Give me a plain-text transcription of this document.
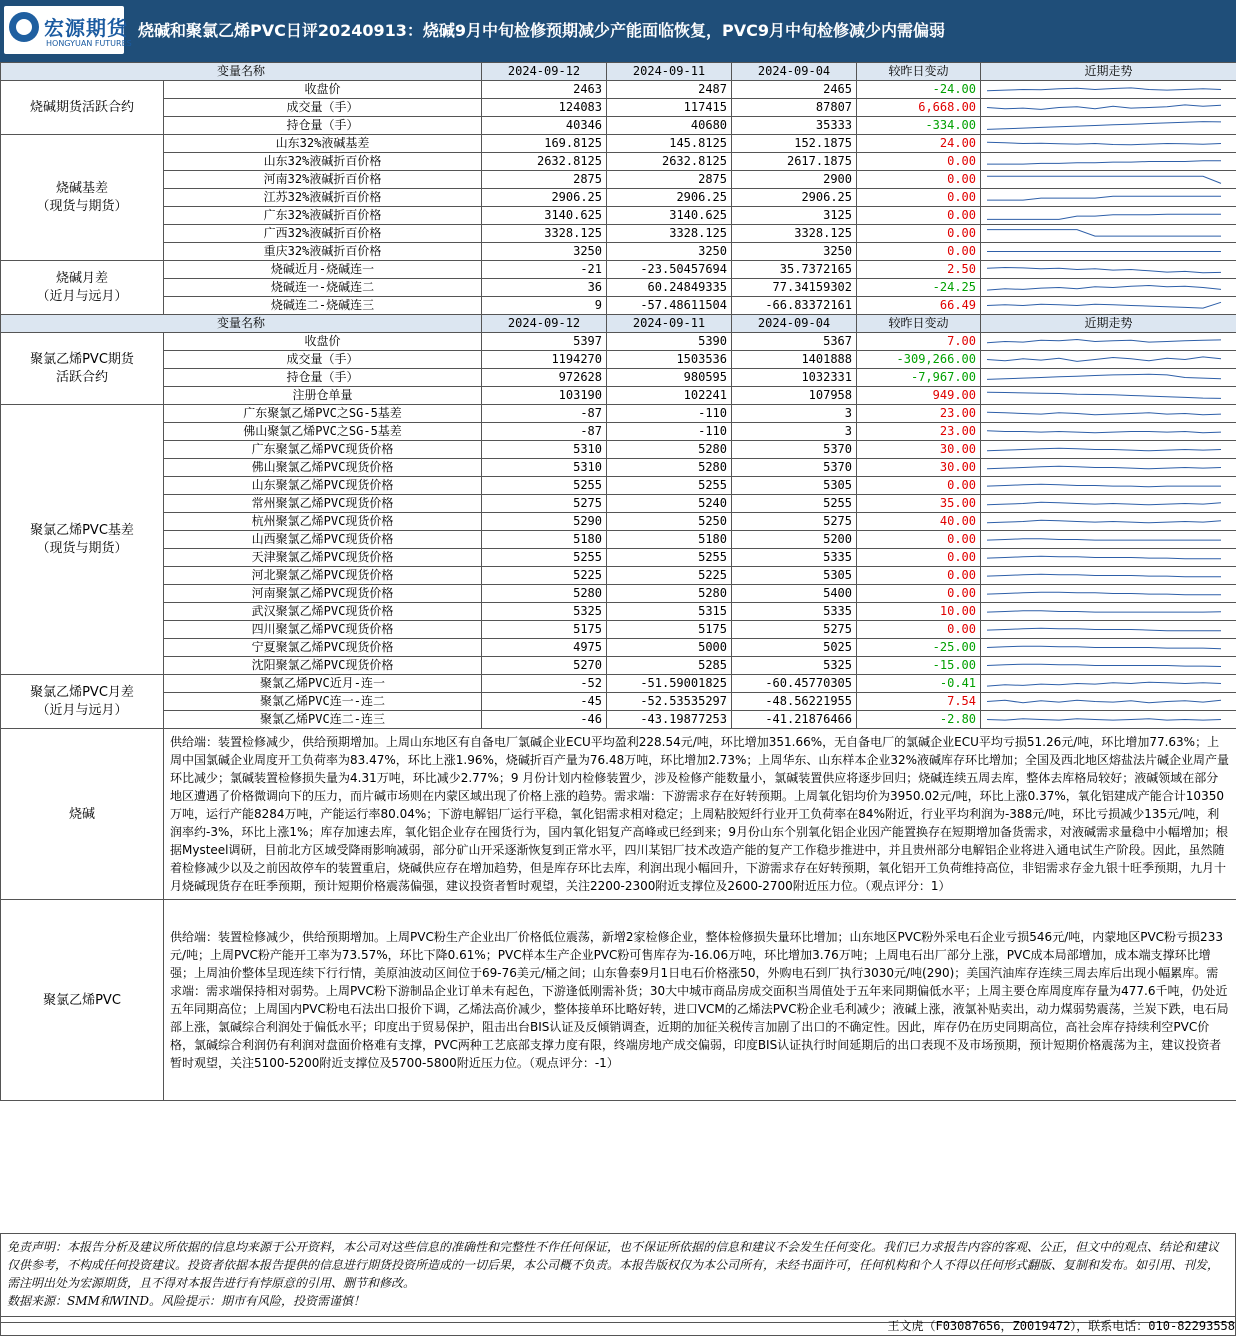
宏源期货
HONGYUAN FUTURES
烧碱和聚氯乙烯PVC日评20240913：烧碱9月中旬检修预期减少产能面临恢复，PVC9月中旬检修减少内需偏弱
变量名称		2024-09-12	2024-09-11	2024-09-04	较昨日变动	近期走势
烧碱期货活跃合约	收盘价	2463	2487	2465	-24.00	

	成交量（手）	124083	117415	87807	6,668.00	

	持仓量（手）	40346	40680	35333	-334.00	

烧碱基差
（现货与期货）	山东32%液碱基差	169.8125	145.8125	152.1875	24.00	

	山东32%液碱折百价格	2632.8125	2632.8125	2617.1875	0.00	

	河南32%液碱折百价格	2875	2875	2900	0.00	

	江苏32%液碱折百价格	2906.25	2906.25	2906.25	0.00	

	广东32%液碱折百价格	3140.625	3140.625	3125	0.00	

	广西32%液碱折百价格	3328.125	3328.125	3328.125	0.00	

	重庆32%液碱折百价格	3250	3250	3250	0.00	

烧碱月差
（近月与远月）	烧碱近月-烧碱连一	-21	-23.50457694	35.7372165	2.50	

	烧碱连一-烧碱连二	36	60.24849335	77.34159302	-24.25	

	烧碱连二-烧碱连三	9	-57.48611504	-66.83372161	66.49	

变量名称		2024-09-12	2024-09-11	2024-09-04	较昨日变动	近期走势
聚氯乙烯PVC期货
活跃合约	收盘价	5397	5390	5367	7.00	

	成交量（手）	1194270	1503536	1401888	-309,266.00	

	持仓量（手）	972628	980595	1032331	-7,967.00	

	注册仓单量	103190	102241	107958	949.00	

聚氯乙烯PVC基差
（现货与期货）	广东聚氯乙烯PVC之SG-5基差	-87	-110	3	23.00	

	佛山聚氯乙烯PVC之SG-5基差	-87	-110	3	23.00	

	广东聚氯乙烯PVC现货价格	5310	5280	5370	30.00	

	佛山聚氯乙烯PVC现货价格	5310	5280	5370	30.00	

	山东聚氯乙烯PVC现货价格	5255	5255	5305	0.00	

	常州聚氯乙烯PVC现货价格	5275	5240	5255	35.00	

	杭州聚氯乙烯PVC现货价格	5290	5250	5275	40.00	

	山西聚氯乙烯PVC现货价格	5180	5180	5200	0.00	

	天津聚氯乙烯PVC现货价格	5255	5255	5335	0.00	

	河北聚氯乙烯PVC现货价格	5225	5225	5305	0.00	

	河南聚氯乙烯PVC现货价格	5280	5280	5400	0.00	

	武汉聚氯乙烯PVC现货价格	5325	5315	5335	10.00	

	四川聚氯乙烯PVC现货价格	5175	5175	5275	0.00	

	宁夏聚氯乙烯PVC现货价格	4975	5000	5025	-25.00	

	沈阳聚氯乙烯PVC现货价格	5270	5285	5325	-15.00	

聚氯乙烯PVC月差
（近月与远月）	聚氯乙烯PVC近月-连一	-52	-51.59001825	-60.45770305	-0.41	

	聚氯乙烯PVC连一-连二	-45	-52.53535297	-48.56221955	7.54	

	聚氯乙烯PVC连二-连三	-46	-43.19877253	-41.21876466	-2.80	

烧碱	供给端：装置检修减少，供给预期增加。上周山东地区有自备电厂氯碱企业ECU平均盈利228.54元/吨，环比增加351.66%，无自备电厂的氯碱企业ECU平均亏损51.26元/吨，环比增加77.63%；上周中国氯碱企业周度开工负荷率为83.47%，环比上涨1.96%，烧碱折百产量为76.48万吨，环比增加2.73%；上周华东、山东样本企业32%液碱库存环比增加；全国及西北地区熔盐法片碱企业周产量环比减少；氯碱装置检修损失量为4.31万吨，环比减少2.77%；9 月份计划内检修装置少，涉及检修产能数量小，氯碱装置供应将逐步回归；烧碱连续五周去库，整体去库格局较好；液碱领域在部分地区遭遇了价格微调向下的压力，而片碱市场则在内蒙区域出现了价格上涨的趋势。需求端：下游需求存在好转预期。上周氧化铝均价为3950.02元/吨，环比上涨0.37%，氧化铝建成产能合计10350万吨，运行产能8284万吨，产能运行率80.04%；下游电解铝厂运行平稳，氧化铝需求相对稳定；上周粘胶短纤行业开工负荷率在84%附近，行业平均利润为-388元/吨，环比亏损减少135元/吨，利润率约-3%，环比上涨1%；库存加速去库，氧化铝企业存在囤货行为，国内氧化铝复产高峰或已经到来；9月份山东个别氧化铝企业因产能置换存在短期增加备货需求，对液碱需求量稳中小幅增加；根据Mysteel调研，目前北方区域受降雨影响减弱，部分矿山开采逐渐恢复到正常水平，四川某铝厂技术改造产能的复产工作稳步推进中，并且贵州部分电解铝企业将进入通电试生产阶段。因此，虽然随着检修减少以及之前因故停车的装置重启，烧碱供应存在增加趋势，但是库存环比去库，利润出现小幅回升，下游需求存在好转预期，氧化铝开工负荷维持高位，非铝需求存金九银十旺季预期，九月十月烧碱现货存在旺季预期，预计短期价格震荡偏强，建议投资者暂时观望，关注2200-2300附近支撑位及2600-2700附近压力位。（观点评分：1）					
聚氯乙烯PVC	供给端：装置检修减少，供给预期增加。上周PVC粉生产企业出厂价格低位震荡，新增2家检修企业，整体检修损失量环比增加；山东地区PVC粉外采电石企业亏损546元/吨，内蒙地区PVC粉亏损233元/吨；上周PVC粉产能开工率为73.57%，环比下降0.61%；PVC样本生产企业PVC粉可售库存为-16.06万吨，环比增加3.76万吨；上周电石出厂部分上涨，PVC成本局部增加，成本端支撑环比增强；上周油价整体呈现连续下行行情，美原油波动区间位于69-76美元/桶之间；山东鲁泰9月1日电石价格涨50，外购电石到厂执行3030元/吨(290)；美国汽油库存连续三周去库后出现小幅累库。需求端：需求端保持相对弱势。上周PVC粉下游制品企业订单未有起色，下游逢低刚需补货；30大中城市商品房成交面积当周值处于五年来同期偏低水平；上周主要仓库周度库存量为477.6千吨，仍处近五年同期高位；上周国内PVC粉电石法出口报价下调，乙烯法高价减少，整体接单环比略好转，进口VCM的乙烯法PVC粉企业毛利减少；液碱上涨，液氯补贴卖出，动力煤弱势震荡，兰炭下跌，电石局部上涨，氯碱综合利润处于偏低水平；印度出于贸易保护，阻击出台BIS认证及反倾销调查，近期的加征关税传言加剧了出口的不确定性。因此，库存仍在历史同期高位，高社会库存持续利空PVC价格，氯碱综合利润仍有利润对盘面价格难有支撑，PVC两种工艺底部支撑力度有限，终端房地产成交偏弱，印度BIS认证执行时间延期后的出口表现不及市场预期，预计短期价格震荡为主，建议投资者暂时观望，关注5100-5200附近支撑位及5700-5800附近压力位。（观点评分：-1）					
免责声明：本报告分析及建议所依据的信息均来源于公开资料，本公司对这些信息的准确性和完整性不作任何保证，也不保证所依据的信息和建议不会发生任何变化。我们已力求报告内容的客观、公正，但文中的观点、结论和建议仅供参考，不构成任何投资建议。投资者依据本报告提供的信息进行期货投资所造成的一切后果，本公司概不负责。本报告版权仅为本公司所有，未经书面许可，任何机构和个人不得以任何形式翻版、复制和发布。如引用、刊发，需注明出处为宏源期货，且不得对本报告进行有悖原意的引用、删节和修改。
数据来源：SMM和WIND。风险提示：期市有风险，投资需谨慎！
王文虎（F03087656，Z0019472），联系电话：010-82293558
